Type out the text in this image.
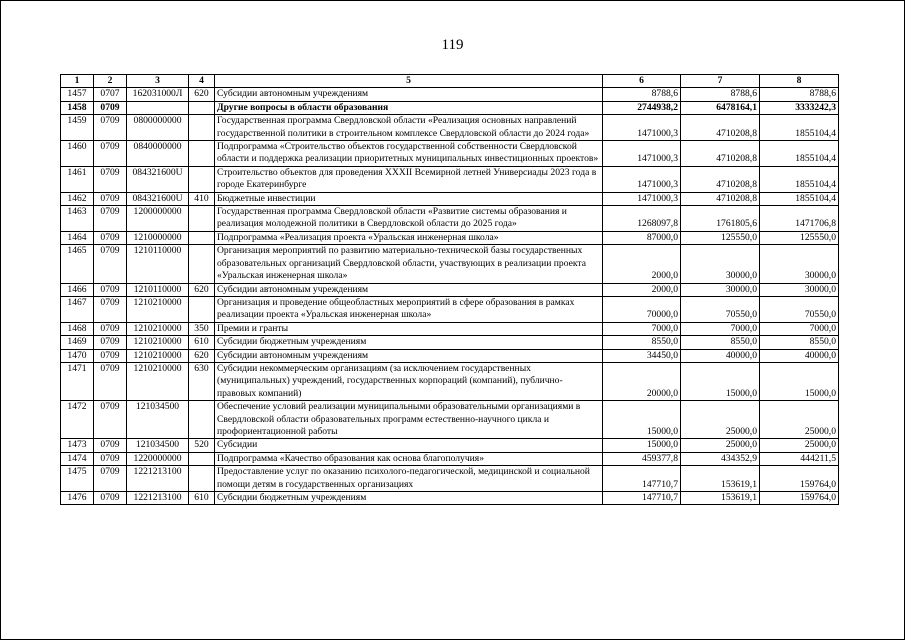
119
1	2	3	4	5	6	7	8
1457	0707	162031000Л	620	Субсидии автономным учреждениям	8788,6	8788,6	8788,6
1458	0709			Другие вопросы в области образования	2744938,2	6478164,1	3333242,3
1459	0709	0800000000		Государственная программа Свердловской области «Реализация основных направлений государственной политики в строительном комплексе Свердловской области до 2024 года»	1471000,3	4710208,8	1855104,4
1460	0709	0840000000		Подпрограмма «Строительство объектов государственной собственности Свердловской области и поддержка реализации приоритетных муниципальных инвестиционных проектов»	1471000,3	4710208,8	1855104,4
1461	0709	084321600U		Строительство объектов для проведения XXXII Всемирной летней Универсиады 2023 года в городе Екатеринбурге	1471000,3	4710208,8	1855104,4
1462	0709	084321600U	410	Бюджетные инвестиции	1471000,3	4710208,8	1855104,4
1463	0709	1200000000		Государственная программа Свердловской области «Развитие системы образования и реализация молодежной политики в Свердловской области до 2025 года»	1268097,8	1761805,6	1471706,8
1464	0709	1210000000		Подпрограмма «Реализация проекта «Уральская инженерная школа»	87000,0	125550,0	125550,0
1465	0709	1210110000		Организация мероприятий по развитию материально-технической базы государственных образовательных организаций Свердловской области, участвующих в реализации проекта «Уральская инженерная школа»	2000,0	30000,0	30000,0
1466	0709	1210110000	620	Субсидии автономным учреждениям	2000,0	30000,0	30000,0
1467	0709	1210210000		Организация и проведение общеобластных мероприятий в сфере образования в рамках реализации проекта «Уральская инженерная школа»	70000,0	70550,0	70550,0
1468	0709	1210210000	350	Премии и гранты	7000,0	7000,0	7000,0
1469	0709	1210210000	610	Субсидии бюджетным учреждениям	8550,0	8550,0	8550,0
1470	0709	1210210000	620	Субсидии автономным учреждениям	34450,0	40000,0	40000,0
1471	0709	1210210000	630	Субсидии некоммерческим организациям (за исключением государственных (муниципальных) учреждений, государственных корпораций (компаний), публично-правовых компаний)	20000,0	15000,0	15000,0
1472	0709	121034500		Обеспечение условий реализации муниципальными образовательными организациями в Свердловской области образовательных программ естественно-научного цикла и профориентационной работы	15000,0	25000,0	25000,0
1473	0709	121034500	520	Субсидии	15000,0	25000,0	25000,0
1474	0709	1220000000		Подпрограмма «Качество образования как основа благополучия»	459377,8	434352,9	444211,5
1475	0709	1221213100		Предоставление услуг по оказанию психолого-педагогической, медицинской и социальной помощи детям в государственных организациях	147710,7	153619,1	159764,0
1476	0709	1221213100	610	Субсидии бюджетным учреждениям	147710,7	153619,1	159764,0
